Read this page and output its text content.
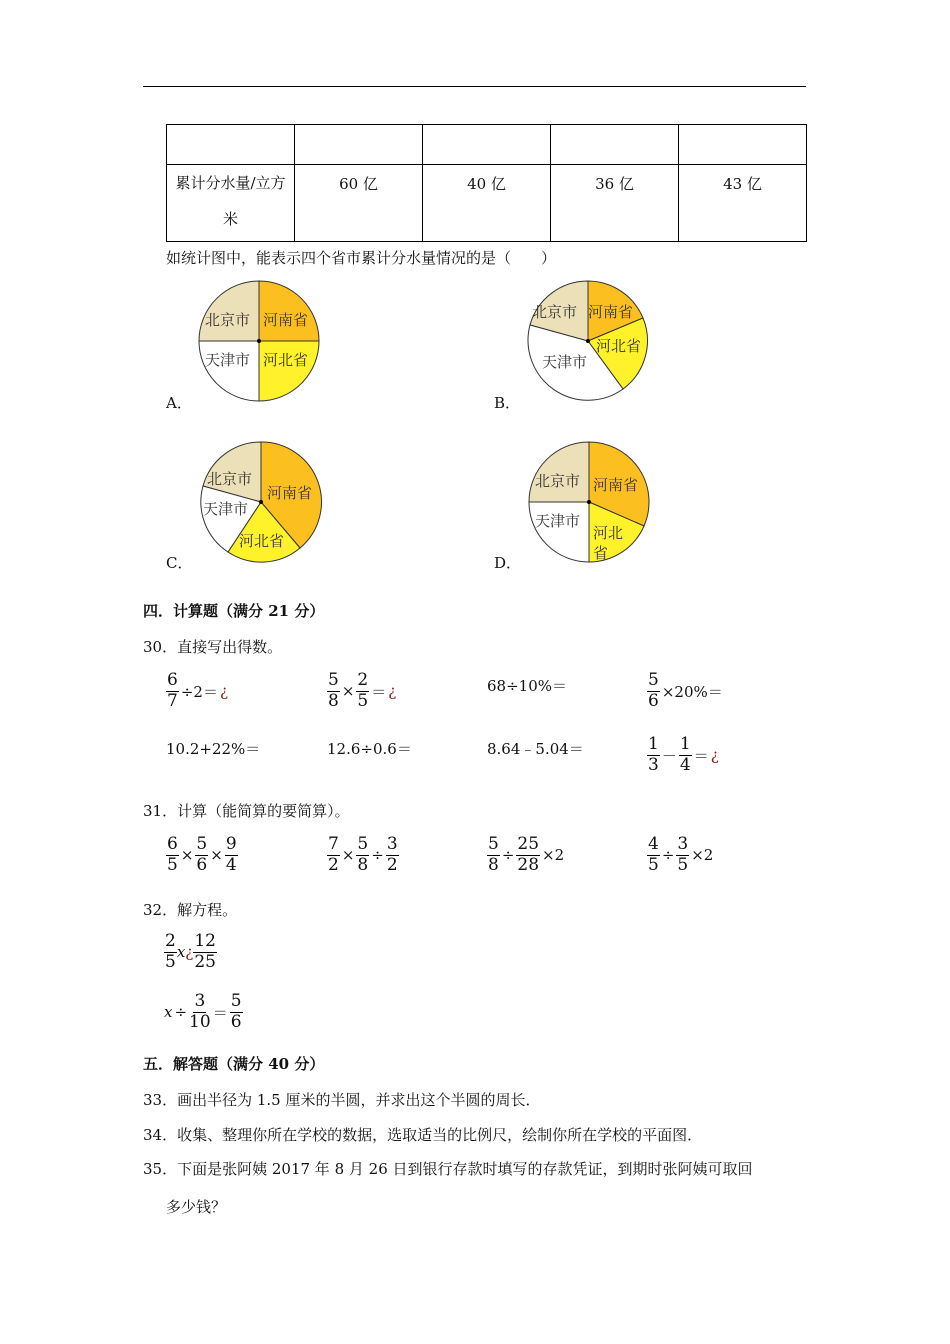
累计分水量/立方
米	60 亿	40 亿	36 亿	43 亿
如统计图中，能表示四个省市累计分水量情况的是（　　）
A．
北京市 河南省
天津市 河北省
B．
北京市 河南省
河北省
天津市
C．
北京市
河南省
天津市
河北省
D．
北京市 河南省
天津市
河北
省
四．计算题（满分 21 分）
30．直接写出得数。
$\frac{6}{7} \div 2=$ ¿	$\frac{5}{8} \times \frac{2}{5}$ ＝ ¿	68÷10%＝	$\frac{5}{6} \times 20\%=$
10.2+22%＝	12.6÷0.6＝	8.64﹣5.04＝	$\frac{1}{3} - \frac{1}{4}$ ＝ ¿
31．计算（能简算的要简算）。
$\frac{6}{5} \times \frac{5}{6} \times \frac{9}{4}$	$\frac{7}{2} \times \frac{5}{8} \div \frac{3}{2}$	$\frac{5}{8} \div \frac{25}{28} \times 2$	$\frac{4}{5} \div \frac{3}{5} \times 2$
32．解方程。
$\frac{2}{5}$ x ¿ $\frac{12}{25}$
$x \div \frac{3}{10} = \frac{5}{6}$
五．解答题（满分 40 分）
33．画出半径为 1.5 厘米的半圆，并求出这个半圆的周长．
34．收集、整理你所在学校的数据，选取适当的比例尺，绘制你所在学校的平面图．
35．下面是张阿姨 2017 年 8 月 26 日到银行存款时填写的存款凭证，到期时张阿姨可取回
多少钱？
